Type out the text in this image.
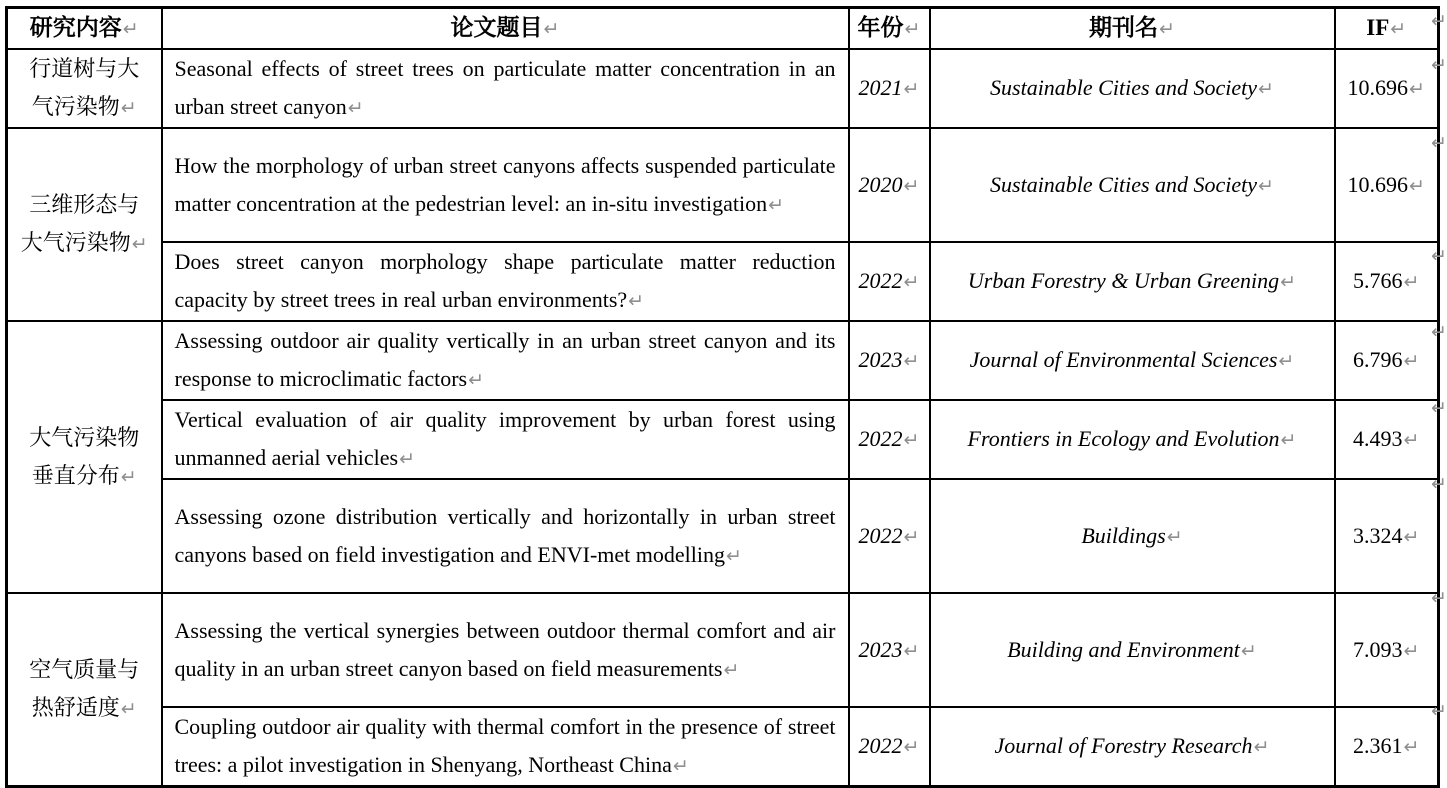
研究内容↵	论文题目↵	年份↵	期刊名↵	IF↵
行道树与大气污染物↵	Seasonal effects of street trees on particulate matter concentration in an urban street canyon↵	2021↵	Sustainable Cities and Society↵	10.696↵
三维形态与大气污染物↵	How the morphology of urban street canyons affects suspended particulate matter concentration at the pedestrian level: an in-situ investigation↵	2020↵	Sustainable Cities and Society↵	10.696↵
	Does street canyon morphology shape particulate matter reduction capacity by street trees in real urban environments?↵	2022↵	Urban Forestry & Urban Greening↵	5.766↵
大气污染物垂直分布↵	Assessing outdoor air quality vertically in an urban street canyon and its response to microclimatic factors↵	2023↵	Journal of Environmental Sciences↵	6.796↵
	Vertical evaluation of air quality improvement by urban forest using unmanned aerial vehicles↵	2022↵	Frontiers in Ecology and Evolution↵	4.493↵
	Assessing ozone distribution vertically and horizontally in urban street canyons based on field investigation and ENVI-met modelling↵	2022↵	Buildings↵	3.324↵
空气质量与热舒适度↵	Assessing the vertical synergies between outdoor thermal comfort and air quality in an urban street canyon based on field measurements↵	2023↵	Building and Environment↵	7.093↵
	Coupling outdoor air quality with thermal comfort in the presence of street trees: a pilot investigation in Shenyang, Northeast China↵	2022↵	Journal of Forestry Research↵	2.361↵
↵
↵
↵
↵
↵
↵
↵
↵
↵
